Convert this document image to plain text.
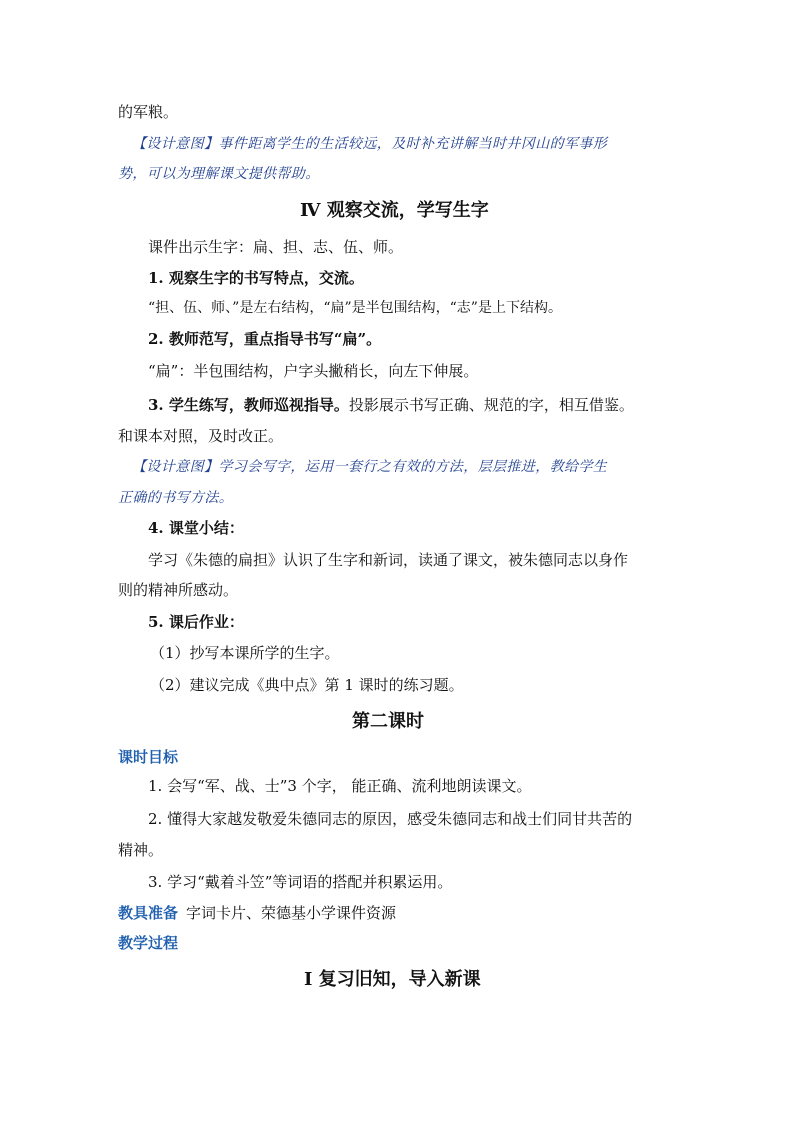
的军粮。
【设计意图】事件距离学生的生活较远，及时补充讲解当时井冈山的军事形
势，可以为理解课文提供帮助。
Ⅳ 观察交流，学写生字
课件出示生字：扁、担、志、伍、师。
1. 观察生字的书写特点，交流。
“担、伍、师、”是左右结构，“扁”是半包围结构，“志”是上下结构。
2. 教师范写，重点指导书写“扁”。
“扁”：半包围结构，户字头撇稍长，向左下伸展。
3. 学生练写，教师巡视指导。投影展示书写正确、规范的字，相互借鉴。
和课本对照，及时改正。
【设计意图】学习会写字，运用一套行之有效的方法，层层推进，教给学生
正确的书写方法。
4. 课堂小结：
学习《朱德的扁担》认识了生字和新词，读通了课文，被朱德同志以身作
则的精神所感动。
5. 课后作业：
（1）抄写本课所学的生字。
（2）建议完成《典中点》第 1 课时的练习题。
第二课时
课时目标
1. 会写“军、战、士”3 个字， 能正确、流利地朗读课文。
2. 懂得大家越发敬爱朱德同志的原因，感受朱德同志和战士们同甘共苦的
精神。
3. 学习“戴着斗笠”等词语的搭配并积累运用。
教具准备 字词卡片、荣德基小学课件资源
教学过程
Ⅰ 复习旧知，导入新课
